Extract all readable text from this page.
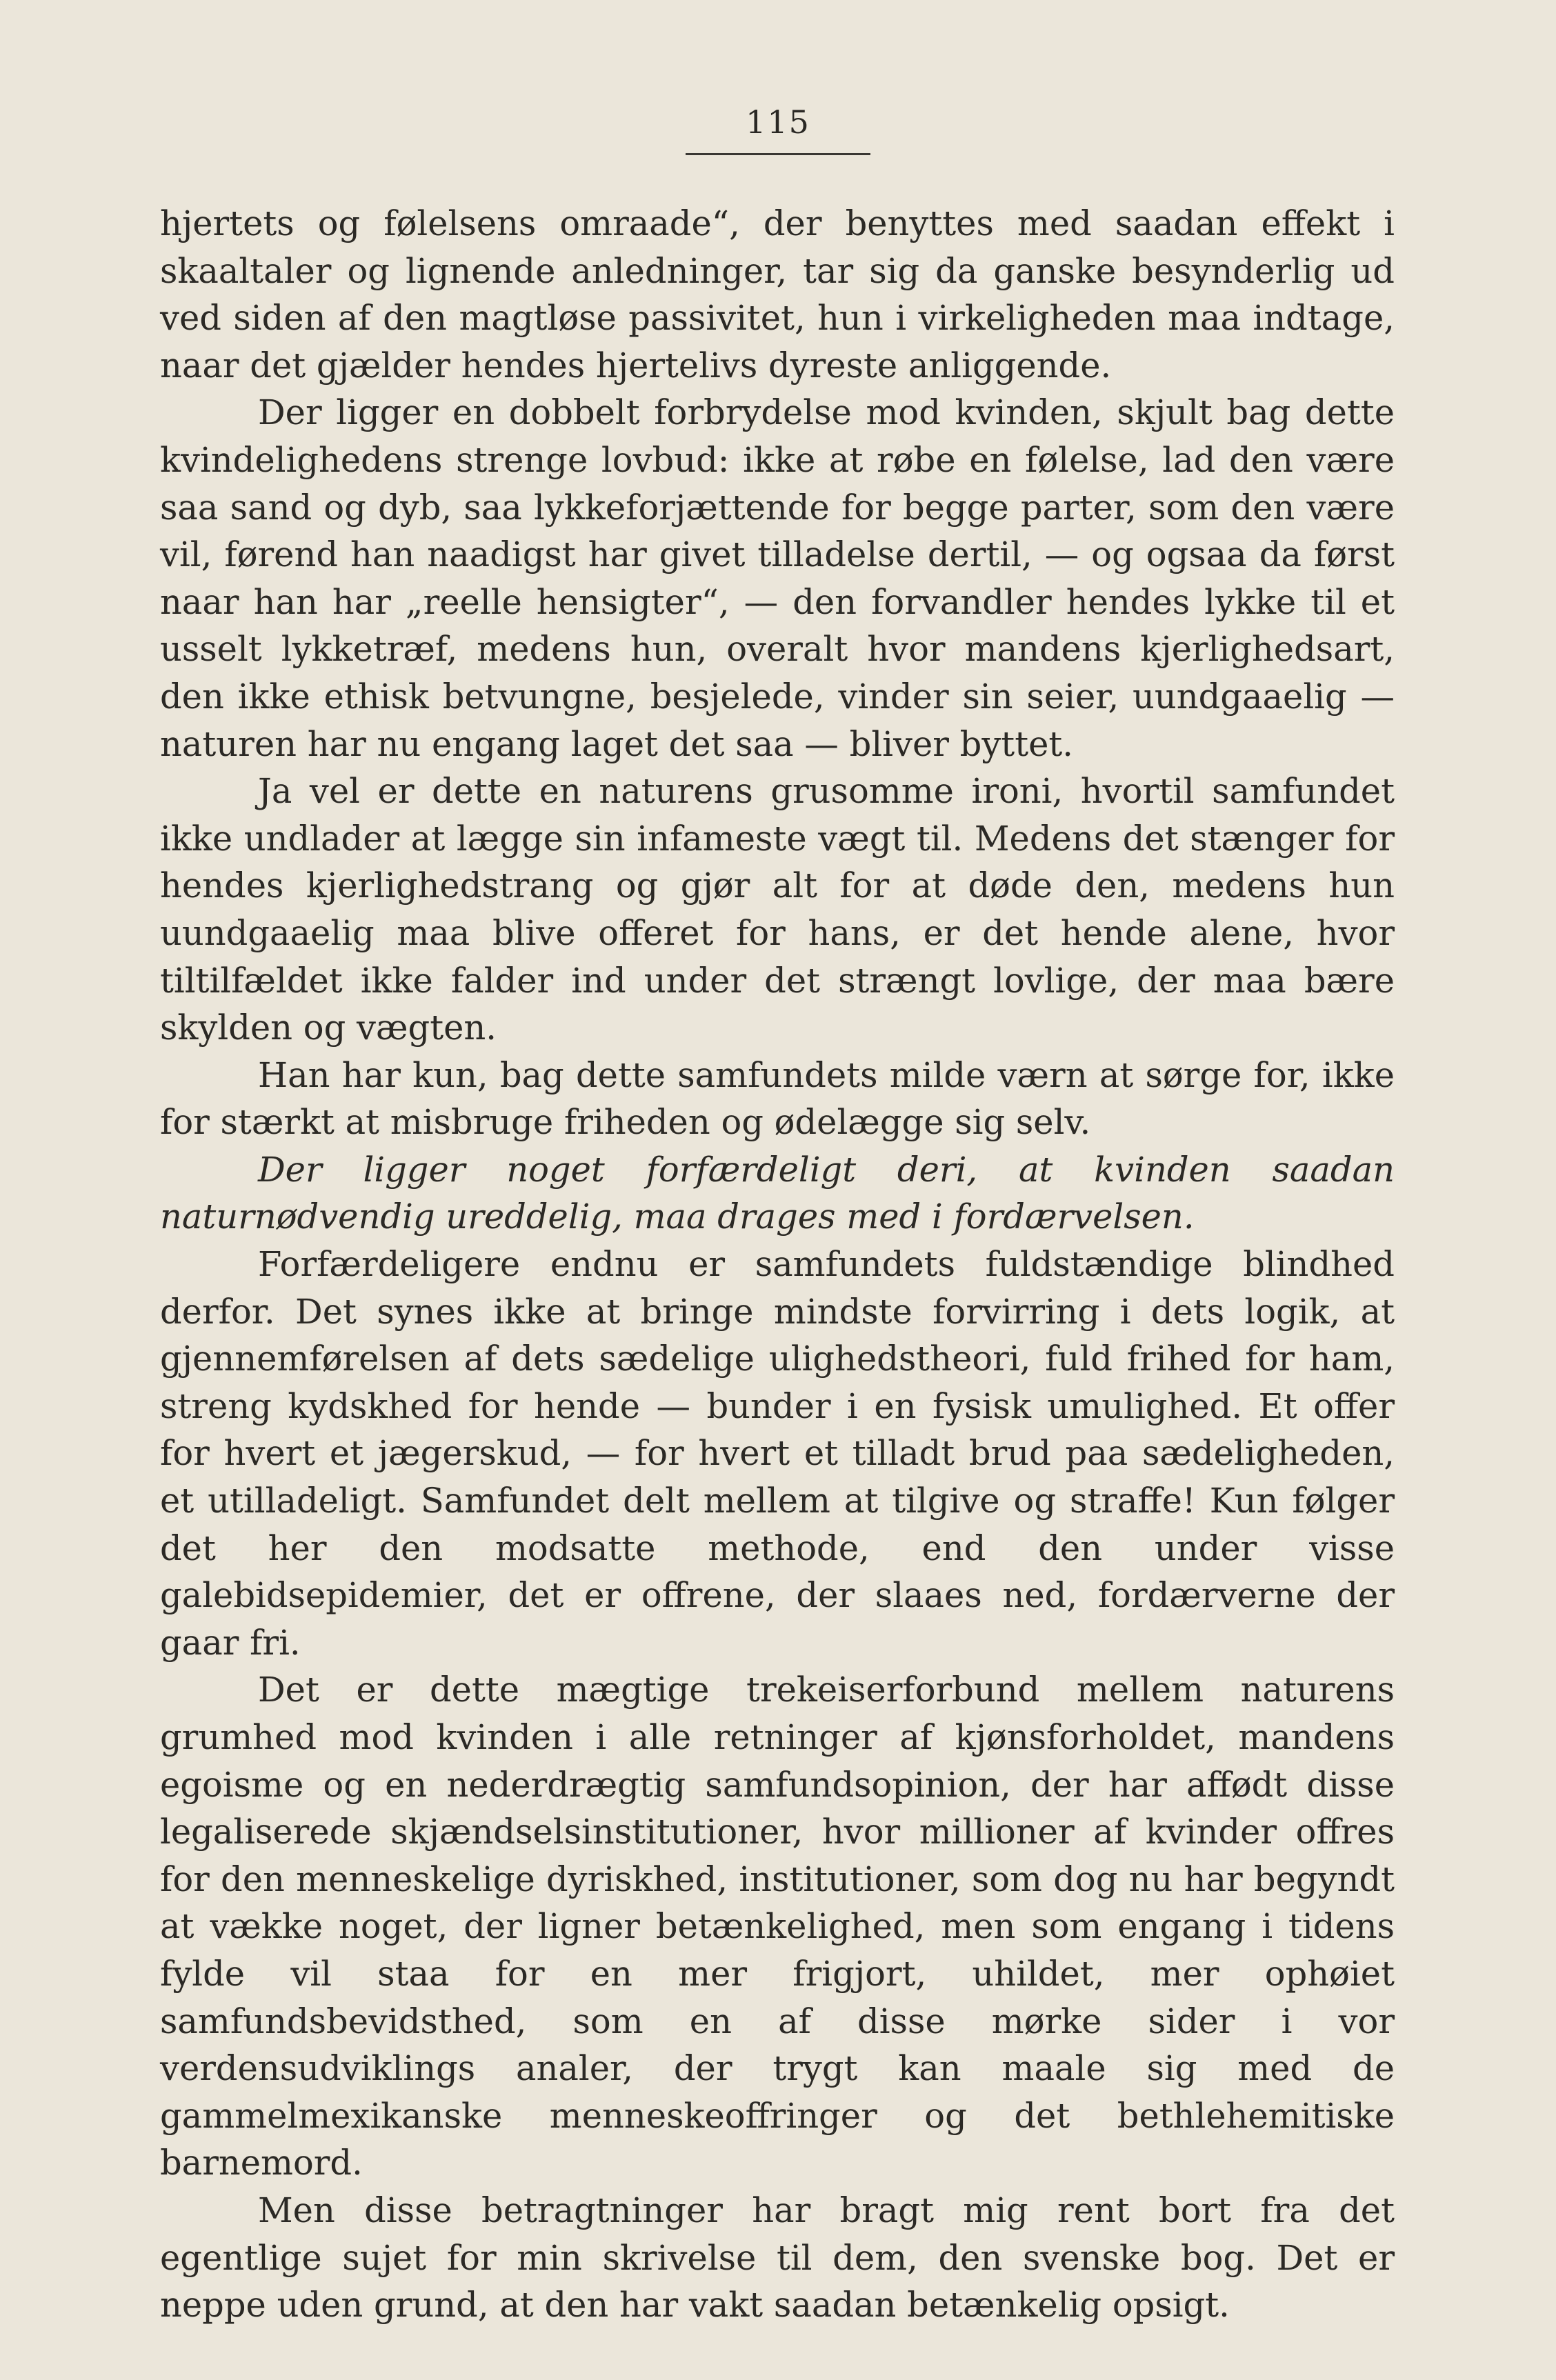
115

hjertets og følelsens omraade“, der benyttes med saadan effekt i skaaltaler og lignende anledninger, tar sig da ganske besynderlig ud ved siden af den magtløse passivitet, hun i virkeligheden maa indtage, naar det gjælder hendes hjertelivs dyreste anliggende.

Der ligger en dobbelt forbrydelse mod kvinden, skjult bag dette kvindelighedens strenge lovbud: ikke at røbe en følelse, lad den være saa sand og dyb, saa lykkeforjættende for begge parter, som den være vil, førend han naadigst har givet tilladelse dertil, — og ogsaa da først naar han har „reelle hensigter“, — den forvandler hendes lykke til et usselt lykketræf, medens hun, overalt hvor mandens kjerlighedsart, den ikke ethisk betvungne, besjelede, vinder sin seier, uundgaaelig — naturen har nu engang laget det saa — bliver byttet.

Ja vel er dette en naturens grusomme ironi, hvortil samfundet ikke undlader at lægge sin infameste vægt til. Medens det stænger for hendes kjerlighedstrang og gjør alt for at døde den, medens hun uundgaaelig maa blive offeret for hans, er det hende alene, hvor tiltilfældet ikke falder ind under det strængt lovlige, der maa bære skylden og vægten.

Han har kun, bag dette samfundets milde værn at sørge for, ikke for stærkt at misbruge friheden og ødelægge sig selv.

Der ligger noget forfærdeligt deri, at kvinden saadan naturnødvendig ureddelig, maa drages med i fordærvelsen.

Forfærdeligere endnu er samfundets fuldstændige blindhed derfor. Det synes ikke at bringe mindste forvirring i dets logik, at gjennemførelsen af dets sædelige ulighedstheori, fuld frihed for ham, streng kydskhed for hende — bunder i en fysisk umulighed. Et offer for hvert et jægerskud, — for hvert et tilladt brud paa sædeligheden, et utilladeligt. Samfundet delt mellem at tilgive og straffe! Kun følger det her den modsatte methode, end den under visse galebidsepidemier, det er offrene, der slaaes ned, fordærverne der gaar fri.

Det er dette mægtige trekeiserforbund mellem naturens grumhed mod kvinden i alle retninger af kjønsforholdet, mandens egoisme og en nederdrægtig samfundsopinion, der har affødt disse legaliserede skjændselsinstitutioner, hvor millioner af kvinder offres for den menneskelige dyriskhed, institutioner, som dog nu har begyndt at vække noget, der ligner betænkelighed, men som engang i tidens fylde vil staa for en mer frigjort, uhildet, mer ophøiet samfundsbevidsthed, som en af disse mørke sider i vor verdensudviklings analer, der trygt kan maale sig med de gammelmexikanske menneskeoffringer og det bethlehemitiske barnemord.

Men disse betragtninger har bragt mig rent bort fra det egentlige sujet for min skrivelse til dem, den svenske bog. Det er neppe uden grund, at den har vakt saadan betænkelig opsigt.
